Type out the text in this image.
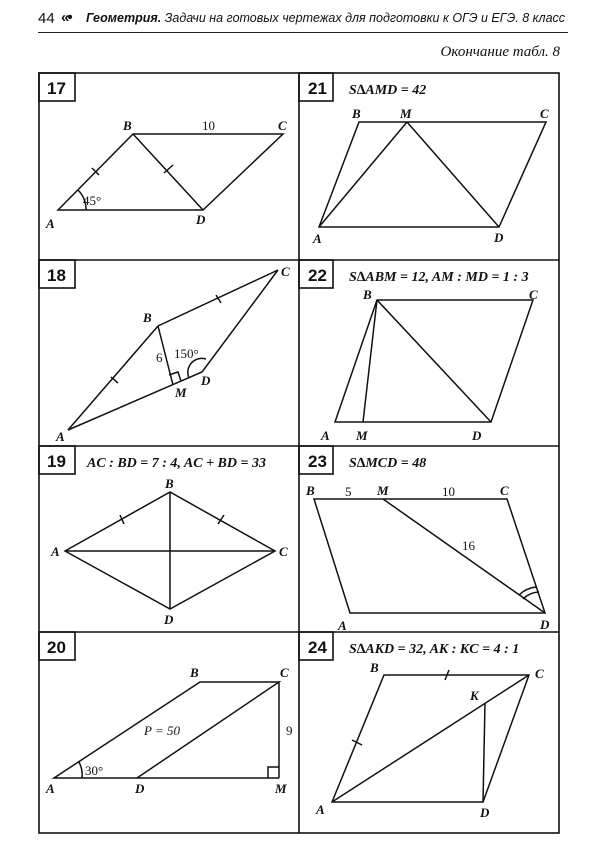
44 «• Геометрия. Задачи на готовых чертежах для подготовки к ОГЭ и ЕГЭ. 8 класс
Окончание табл. 8
17
A
B	C
D
10
45°
21 S∆AMD = 42
A
B	C
D
M
18
A
B
C
D
M
6 150°
22 S∆ABM = 12, AM : MD = 1 : 3
A
B	C
D
M
19 AC : BD = 7 : 4, AC + BD = 33
A
B
C
D
23 S∆MCD = 48
A
B	C
D
M
5	10
16
20
A
B	C
D	M
P = 50	9
30°
24 S∆AKD = 32, AK : KC = 4 : 1
A
B	C
D
K
